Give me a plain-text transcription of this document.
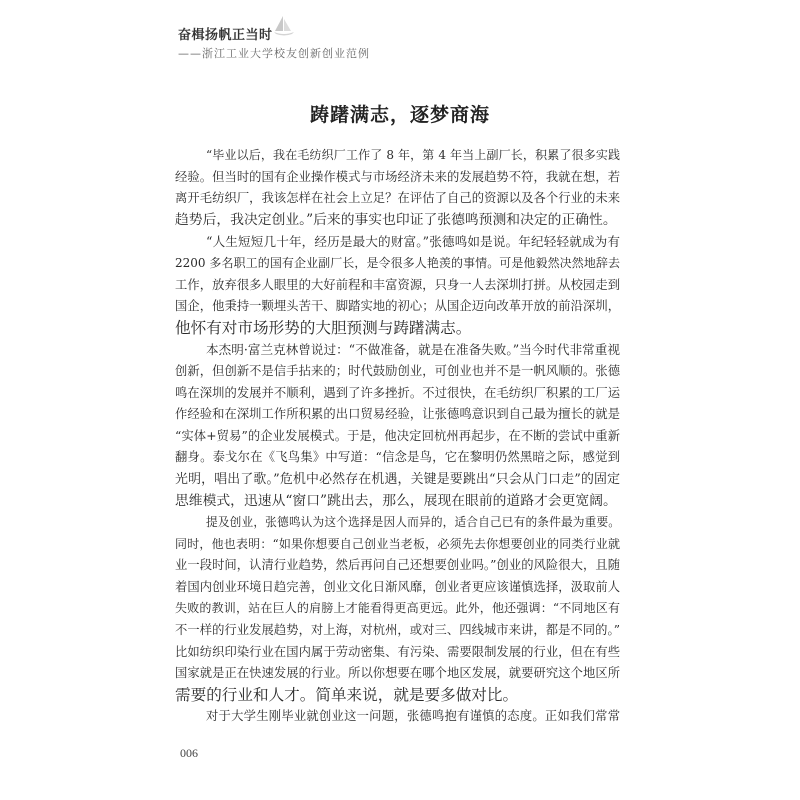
奋楫扬帆正当时
——浙江工业大学校友创新创业范例
踌躇满志，逐梦商海
“毕业以后，我在毛纺织厂工作了 8 年，第 4 年当上副厂长，积累了很多实践
经验。但当时的国有企业操作模式与市场经济未来的发展趋势不符，我就在想，若
离开毛纺织厂，我该怎样在社会上立足？在评估了自己的资源以及各个行业的未来
趋势后，我决定创业。”后来的事实也印证了张德鸣预测和决定的正确性。
“人生短短几十年，经历是最大的财富。”张德鸣如是说。年纪轻轻就成为有
2200 多名职工的国有企业副厂长，是令很多人艳羡的事情。可是他毅然决然地辞去
工作，放弃很多人眼里的大好前程和丰富资源，只身一人去深圳打拼。从校园走到
国企，他秉持一颗埋头苦干、脚踏实地的初心；从国企迈向改革开放的前沿深圳，
他怀有对市场形势的大胆预测与踌躇满志。
本杰明·富兰克林曾说过：“不做准备，就是在准备失败。”当今时代非常重视
创新，但创新不是信手拈来的；时代鼓励创业，可创业也并不是一帆风顺的。张德
鸣在深圳的发展并不顺利，遇到了许多挫折。不过很快，在毛纺织厂积累的工厂运
作经验和在深圳工作所积累的出口贸易经验，让张德鸣意识到自己最为擅长的就是
“实体+贸易”的企业发展模式。于是，他决定回杭州再起步，在不断的尝试中重新
翻身。泰戈尔在《飞鸟集》中写道：“信念是鸟，它在黎明仍然黑暗之际，感觉到
光明，唱出了歌。”危机中必然存在机遇，关键是要跳出“只会从门口走”的固定
思维模式，迅速从“窗口”跳出去，那么，展现在眼前的道路才会更宽阔。
提及创业，张德鸣认为这个选择是因人而异的，适合自己已有的条件最为重要。
同时，他也表明：“如果你想要自己创业当老板，必须先去你想要创业的同类行业就
业一段时间，认清行业趋势，然后再问自己还想要创业吗。”创业的风险很大，且随
着国内创业环境日趋完善，创业文化日渐风靡，创业者更应该谨慎选择，汲取前人
失败的教训，站在巨人的肩膀上才能看得更高更远。此外，他还强调：“不同地区有
不一样的行业发展趋势，对上海，对杭州，或对三、四线城市来讲，都是不同的。”
比如纺织印染行业在国内属于劳动密集、有污染、需要限制发展的行业，但在有些
国家就是正在快速发展的行业。所以你想要在哪个地区发展，就要研究这个地区所
需要的行业和人才。简单来说，就是要多做对比。
对于大学生刚毕业就创业这一问题，张德鸣抱有谨慎的态度。正如我们常常
006
